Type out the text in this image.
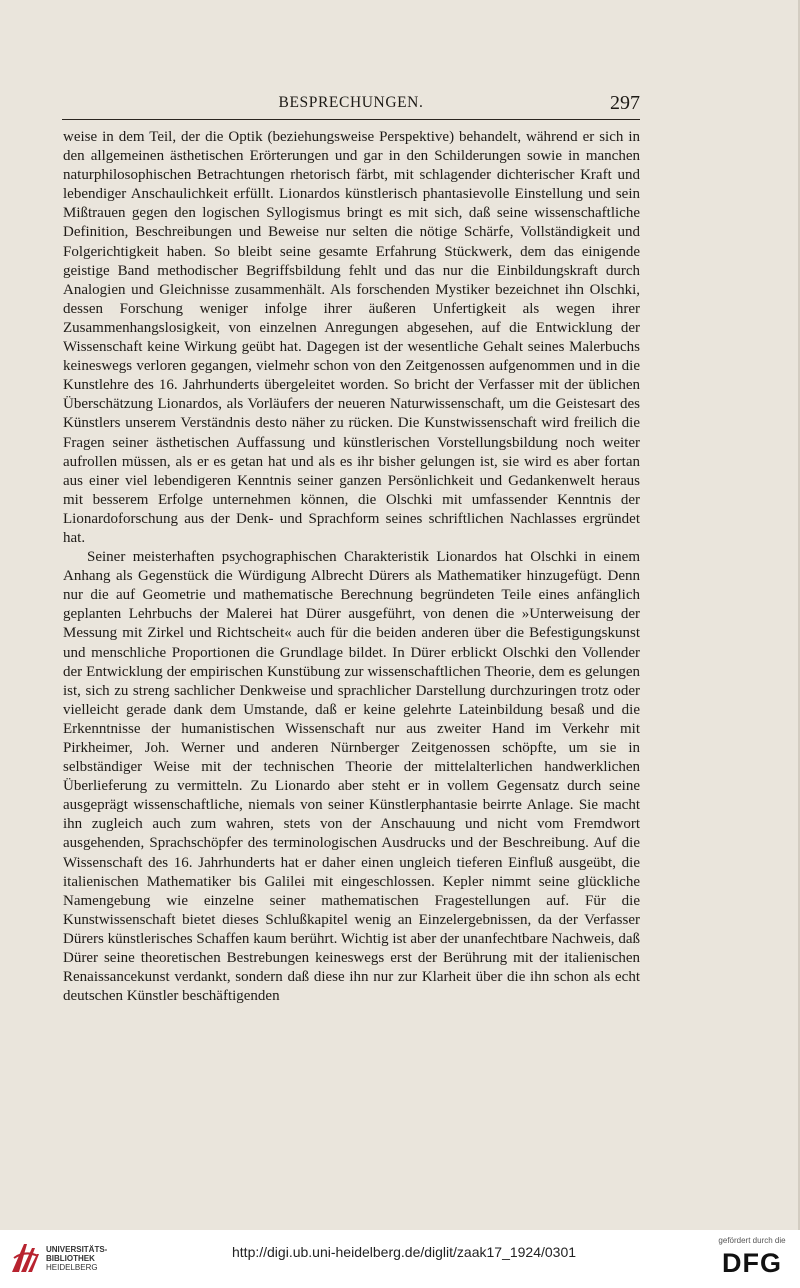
BESPRECHUNGEN.	297

weise in dem Teil, der die Optik (beziehungsweise Perspektive) behandelt, während er sich in den allgemeinen ästhetischen Erörterungen und gar in den Schilderungen sowie in manchen naturphilosophischen Betrachtungen rhetorisch färbt, mit schlagender dichterischer Kraft und lebendiger Anschaulichkeit erfüllt. Lionardos künstlerisch phantasievolle Einstellung und sein Mißtrauen gegen den logischen Syllogismus bringt es mit sich, daß seine wissenschaftliche Definition, Beschreibungen und Beweise nur selten die nötige Schärfe, Vollständigkeit und Folgerichtigkeit haben. So bleibt seine gesamte Erfahrung Stückwerk, dem das einigende geistige Band methodischer Begriffsbildung fehlt und das nur die Einbildungskraft durch Analogien und Gleichnisse zusammenhält. Als forschenden Mystiker bezeichnet ihn Olschki, dessen Forschung weniger infolge ihrer äußeren Unfertigkeit als wegen ihrer Zusammenhangslosigkeit, von einzelnen Anregungen abgesehen, auf die Entwicklung der Wissenschaft keine Wirkung geübt hat. Dagegen ist der wesentliche Gehalt seines Malerbuchs keineswegs verloren gegangen, vielmehr schon von den Zeitgenossen aufgenommen und in die Kunstlehre des 16. Jahrhunderts übergeleitet worden. So bricht der Verfasser mit der üblichen Überschätzung Lionardos, als Vorläufers der neueren Naturwissenschaft, um die Geistesart des Künstlers unserem Verständnis desto näher zu rücken. Die Kunstwissenschaft wird freilich die Fragen seiner ästhetischen Auffassung und künstlerischen Vorstellungsbildung noch weiter aufrollen müssen, als er es getan hat und als es ihr bisher gelungen ist, sie wird es aber fortan aus einer viel lebendigeren Kenntnis seiner ganzen Persönlichkeit und Gedankenwelt heraus mit besserem Erfolge unternehmen können, die Olschki mit umfassender Kenntnis der Lionardoforschung aus der Denk- und Sprachform seines schriftlichen Nachlasses ergründet hat.

Seiner meisterhaften psychographischen Charakteristik Lionardos hat Olschki in einem Anhang als Gegenstück die Würdigung Albrecht Dürers als Mathematiker hinzugefügt. Denn nur die auf Geometrie und mathematische Berechnung begründeten Teile eines anfänglich geplanten Lehrbuchs der Malerei hat Dürer ausgeführt, von denen die »Unterweisung der Messung mit Zirkel und Richtscheit« auch für die beiden anderen über die Befestigungskunst und menschliche Proportionen die Grundlage bildet. In Dürer erblickt Olschki den Vollender der Entwicklung der empirischen Kunstübung zur wissenschaftlichen Theorie, dem es gelungen ist, sich zu streng sachlicher Denkweise und sprachlicher Darstellung durchzuringen trotz oder vielleicht gerade dank dem Umstande, daß er keine gelehrte Lateinbildung besaß und die Erkenntnisse der humanistischen Wissenschaft nur aus zweiter Hand im Verkehr mit Pirkheimer, Joh. Werner und anderen Nürnberger Zeitgenossen schöpfte, um sie in selbständiger Weise mit der technischen Theorie der mittelalterlichen handwerklichen Überlieferung zu vermitteln. Zu Lionardo aber steht er in vollem Gegensatz durch seine ausgeprägt wissenschaftliche, niemals von seiner Künstlerphantasie beirrte Anlage. Sie macht ihn zugleich auch zum wahren, stets von der Anschauung und nicht vom Fremdwort ausgehenden, Sprachschöpfer des terminologischen Ausdrucks und der Beschreibung. Auf die Wissenschaft des 16. Jahrhunderts hat er daher einen ungleich tieferen Einfluß ausgeübt, die italienischen Mathematiker bis Galilei mit eingeschlossen. Kepler nimmt seine glückliche Namengebung wie einzelne seiner mathematischen Fragestellungen auf. Für die Kunstwissenschaft bietet dieses Schlußkapitel wenig an Einzelergebnissen, da der Verfasser Dürers künstlerisches Schaffen kaum berührt. Wichtig ist aber der unanfechtbare Nachweis, daß Dürer seine theoretischen Bestrebungen keineswegs erst der Berührung mit der italienischen Renaissancekunst verdankt, sondern daß diese ihn nur zur Klarheit über die ihn schon als echt deutschen Künstler beschäftigenden

UNIVERSITÄTS-
BIBLIOTHEK
HEIDELBERG
http://digi.ub.uni-heidelberg.de/diglit/zaak17_1924/0301
gefördert durch die
DFG
